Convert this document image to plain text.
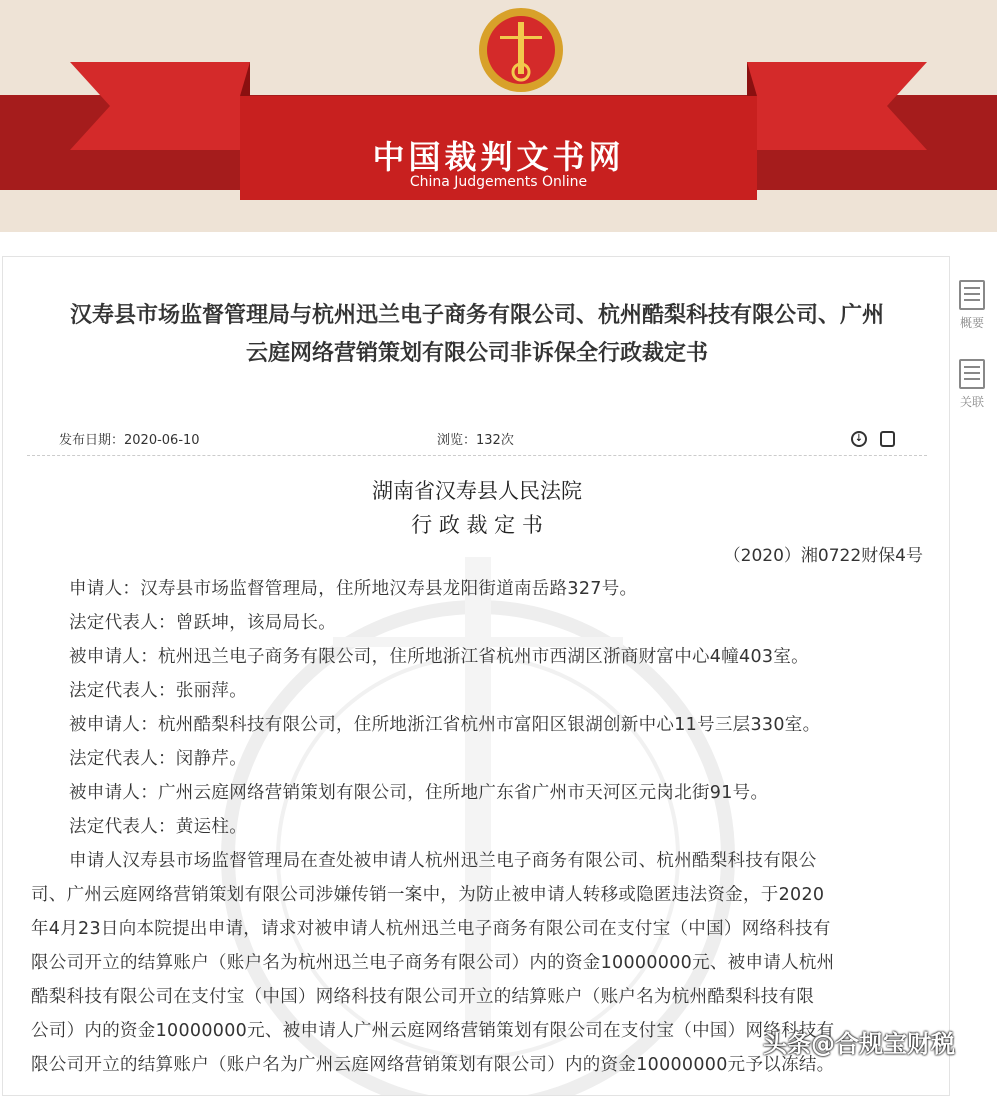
中国裁判文书网
China Judgements Online
汉寿县市场监督管理局与杭州迅兰电子商务有限公司、杭州酷梨科技有限公司、广州
云庭网络营销策划有限公司非诉保全行政裁定书
发布日期：2020-06-10	浏览：132次	↓
湖南省汉寿县人民法院
行 政 裁 定 书
（2020）湘0722财保4号
申请人：汉寿县市场监督管理局，住所地汉寿县龙阳街道南岳路327号。
法定代表人：曾跃坤，该局局长。
被申请人：杭州迅兰电子商务有限公司，住所地浙江省杭州市西湖区浙商财富中心4幢403室。
法定代表人：张丽萍。
被申请人：杭州酷梨科技有限公司，住所地浙江省杭州市富阳区银湖创新中心11号三层330室。
法定代表人：闵静芹。
被申请人：广州云庭网络营销策划有限公司，住所地广东省广州市天河区元岗北街91号。
法定代表人：黄运柱。
申请人汉寿县市场监督管理局在查处被申请人杭州迅兰电子商务有限公司、杭州酷梨科技有限公
司、广州云庭网络营销策划有限公司涉嫌传销一案中，为防止被申请人转移或隐匿违法资金，于2020
年4月23日向本院提出申请，请求对被申请人杭州迅兰电子商务有限公司在支付宝（中国）网络科技有
限公司开立的结算账户（账户名为杭州迅兰电子商务有限公司）内的资金10000000元、被申请人杭州
酷梨科技有限公司在支付宝（中国）网络科技有限公司开立的结算账户（账户名为杭州酷梨科技有限
公司）内的资金10000000元、被申请人广州云庭网络营销策划有限公司在支付宝（中国）网络科技有
限公司开立的结算账户（账户名为广州云庭网络营销策划有限公司）内的资金10000000元予以冻结。
概要
关联
头条@合规宝财税
